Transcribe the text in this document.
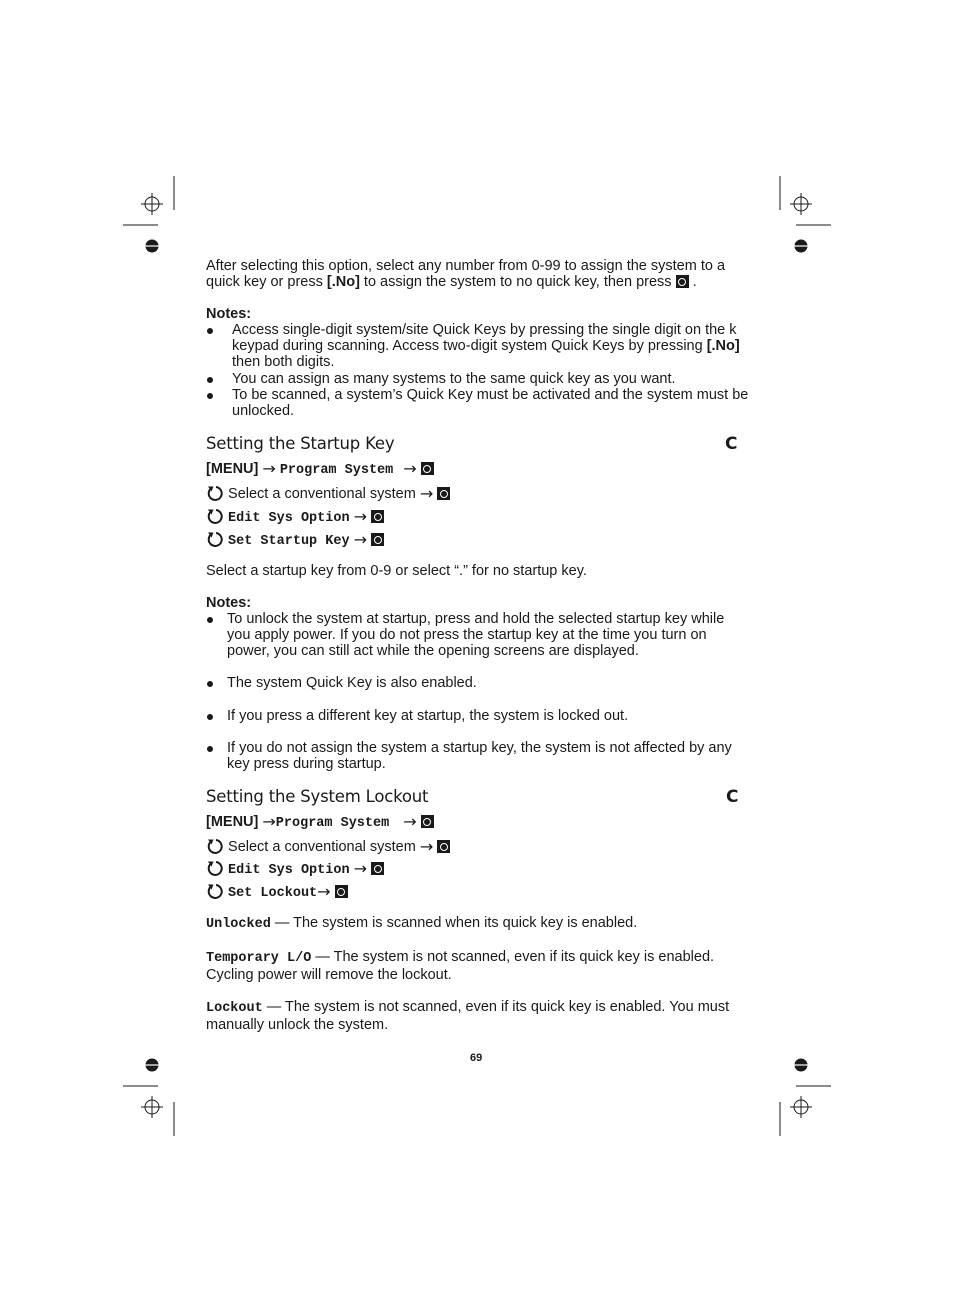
After selecting this option, select any number from 0-99 to assign the system to a
quick key or press [.No] to assign the system to no quick key, then press .
Notes:
Access single-digit system/site Quick Keys by pressing the single digit on the k
keypad during scanning. Access two-digit system Quick Keys by pressing [.No]
then both digits.
You can assign as many systems to the same quick key as you want.
To be scanned, a system’s Quick Key must be activated and the system must be
unlocked.
Setting the Startup Key	C
[MENU] → Program System →
Select a conventional system →
Edit Sys Option →
Set Startup Key →
Select a startup key from 0-9 or select “.” for no startup key.
Notes:
To unlock the system at startup, press and hold the selected startup key while
you apply power. If you do not press the startup key at the time you turn on
power, you can still act while the opening screens are displayed.
The system Quick Key is also enabled.
If you press a different key at startup, the system is locked out.
If you do not assign the system a startup key, the system is not affected by any
key press during startup.
Setting the System Lockout	C
[MENU] →Program System →
Select a conventional system →
Edit Sys Option →
Set Lockout→
Unlocked — The system is scanned when its quick key is enabled.
Temporary L/O — The system is not scanned, even if its quick key is enabled.
Cycling power will remove the lockout.
Lockout — The system is not scanned, even if its quick key is enabled. You must
manually unlock the system.
69
